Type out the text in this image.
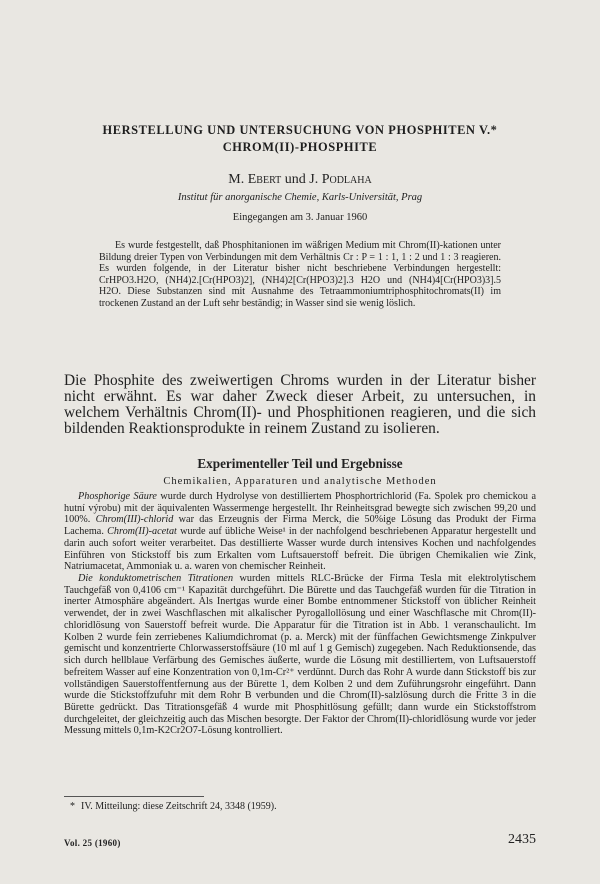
HERSTELLUNG UND UNTERSUCHUNG VON PHOSPHITEN V.*
CHROM(II)-PHOSPHITE
M. Ebert und J. Podlaha
Institut für anorganische Chemie, Karls-Universität, Prag
Eingegangen am 3. Januar 1960

Es wurde festgestellt, daß Phosphitanionen im wäßrigen Medium mit Chrom(II)-kationen unter Bildung dreier Typen von Verbindungen mit dem Verhältnis Cr : P = 1 : 1, 1 : 2 und 1 : 3 reagieren. Es wurden folgende, in der Literatur bisher nicht beschriebene Verbindungen hergestellt: CrHPO3.H2O, (NH4)2.[Cr(HPO3)2], (NH4)2[Cr(HPO3)2].3 H2O und (NH4)4[Cr(HPO3)3].5 H2O. Diese Substanzen sind mit Ausnahme des Tetraammoniumtriphosphitochromats(II) im trockenen Zustand an der Luft sehr beständig; in Wasser sind sie wenig löslich.

Die Phosphite des zweiwertigen Chroms wurden in der Literatur bisher nicht erwähnt. Es war daher Zweck dieser Arbeit, zu untersuchen, in welchem Verhältnis Chrom(II)- und Phosphitionen reagieren, und die sich bildenden Reaktionsprodukte in reinem Zustand zu isolieren.

Experimenteller Teil und Ergebnisse
Chemikalien, Apparaturen und analytische Methoden

Phosphorige Säure wurde durch Hydrolyse von destilliertem Phosphortrichlorid (Fa. Spolek pro chemickou a hutní výrobu) mit der äquivalenten Wassermenge hergestellt. Ihr Reinheitsgrad bewegte sich zwischen 99,20 und 100%. Chrom(III)-chlorid war das Erzeugnis der Firma Merck, die 50%ige Lösung das Produkt der Firma Lachema. Chrom(II)-acetat wurde auf übliche Weise¹ in der nachfolgend beschriebenen Apparatur hergestellt und darin auch sofort weiter verarbeitet. Das destillierte Wasser wurde durch intensives Kochen und nachfolgendes Einführen von Stickstoff bis zum Erkalten vom Luftsauerstoff befreit. Die übrigen Chemikalien wie Zink, Natriumacetat, Ammoniak u. a. waren von chemischer Reinheit.

Die konduktometrischen Titrationen wurden mittels RLC-Brücke der Firma Tesla mit elektrolytischem Tauchgefäß von 0,4106 cm⁻¹ Kapazität durchgeführt. Die Bürette und das Tauchgefäß wurden für die Titration in inerter Atmosphäre abgeändert. Als Inertgas wurde einer Bombe entnommener Stickstoff von üblicher Reinheit verwendet, der in zwei Waschflaschen mit alkalischer Pyrogallollösung und einer Waschflasche mit Chrom(II)-chloridlösung von Sauerstoff befreit wurde. Die Apparatur für die Titration ist in Abb. 1 veranschaulicht. Im Kolben 2 wurde fein zerriebenes Kaliumdichromat (p. a. Merck) mit der fünffachen Gewichtsmenge Zinkpulver gemischt und konzentrierte Chlorwasserstoffsäure (10 ml auf 1 g Gemisch) zugegeben. Nach Reduktionsende, das sich durch hellblaue Verfärbung des Gemisches äußerte, wurde die Lösung mit destilliertem, von Luftsauerstoff befreitem Wasser auf eine Konzentration von 0,1m-Cr²⁺ verdünnt. Durch das Rohr A wurde dann Stickstoff bis zur vollständigen Sauerstoffentfernung aus der Bürette 1, dem Kolben 2 und dem Zuführungsrohr eingeführt. Dann wurde die Stickstoffzufuhr mit dem Rohr B verbunden und die Chrom(II)-salzlösung durch die Fritte 3 in die Bürette gedrückt. Das Titrationsgefäß 4 wurde mit Phosphitlösung gefüllt; dann wurde ein Stickstoffstrom durchgeleitet, der gleichzeitig auch das Mischen besorgte. Der Faktor der Chrom(II)-chloridlösung wurde vor jeder Messung mittels 0,1m-K2Cr2O7-Lösung kontrolliert.

* IV. Mitteilung: diese Zeitschrift 24, 3348 (1959).
Vol. 25 (1960)	2435
